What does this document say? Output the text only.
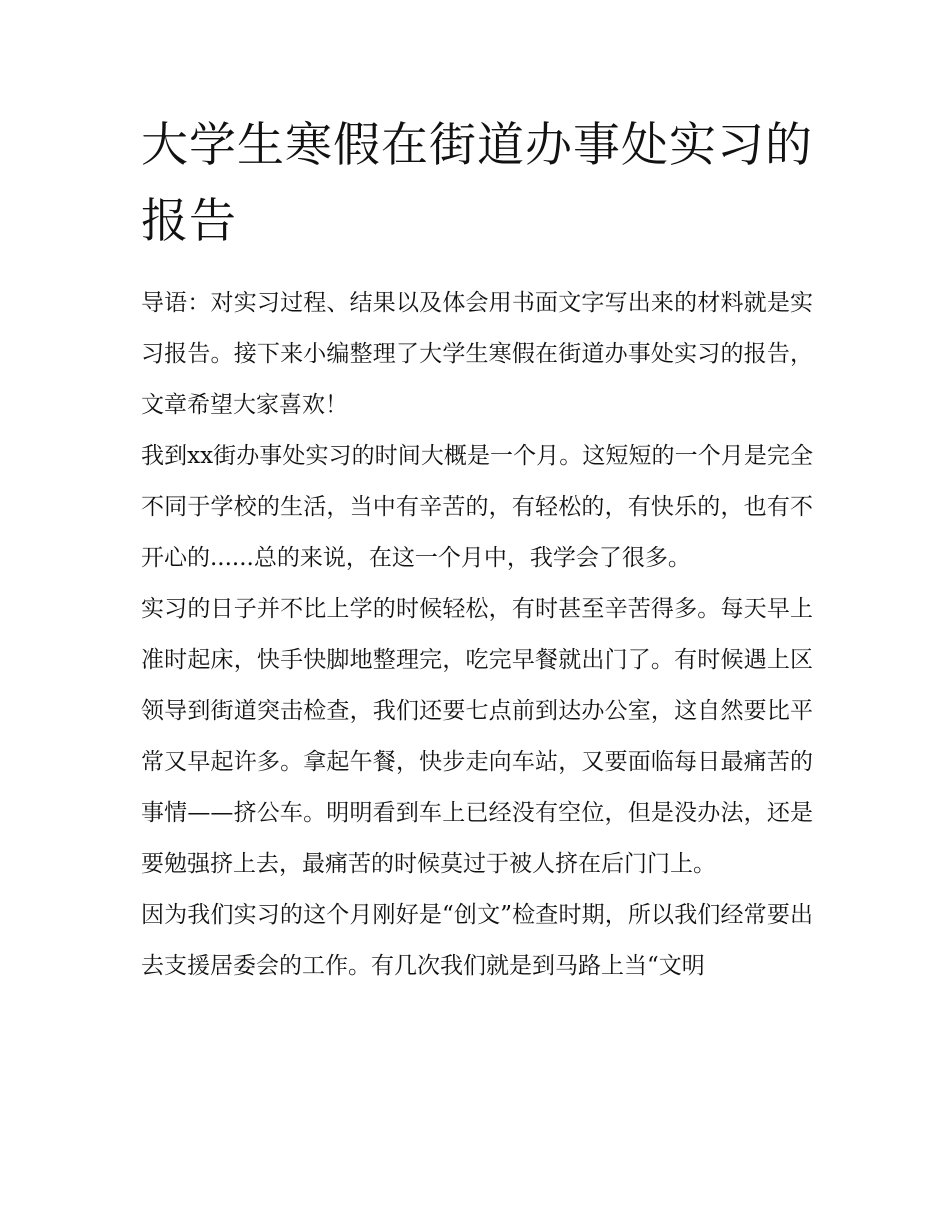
大学生寒假在街道办事处实习的报告

导语：对实习过程、结果以及体会用书面文字写出来的材料就是实习报告。接下来小编整理了大学生寒假在街道办事处实习的报告，文章希望大家喜欢！

我到xx街办事处实习的时间大概是一个月。这短短的一个月是完全不同于学校的生活，当中有辛苦的，有轻松的，有快乐的，也有不开心的......总的来说，在这一个月中，我学会了很多。

实习的日子并不比上学的时候轻松，有时甚至辛苦得多。每天早上准时起床，快手快脚地整理完，吃完早餐就出门了。有时候遇上区领导到街道突击检查，我们还要七点前到达办公室，这自然要比平常又早起许多。拿起午餐，快步走向车站，又要面临每日最痛苦的事情——挤公车。明明看到车上已经没有空位，但是没办法，还是要勉强挤上去，最痛苦的时候莫过于被人挤在后门门上。

因为我们实习的这个月刚好是“创文”检查时期，所以我们经常要出去支援居委会的工作。有几次我们就是到马路上当“文明
